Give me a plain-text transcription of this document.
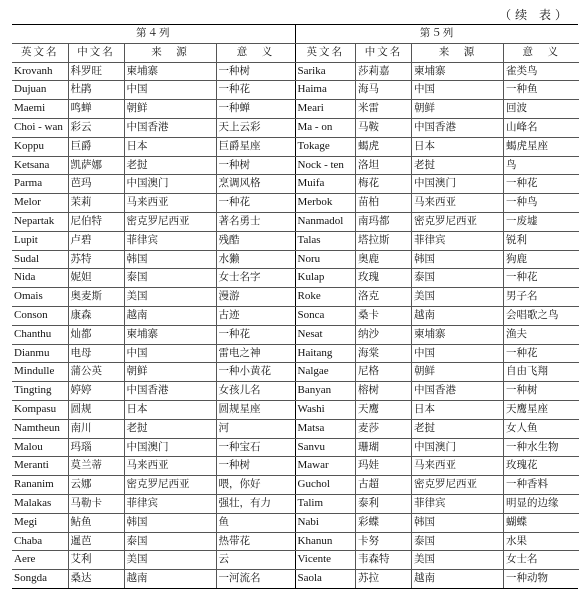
（续 表）
第４列			
英文名	中文名	来　源	意　义
Krovanh	科罗旺	柬埔寨	一种树
Dujuan	杜鹃	中国	一种花
Maemi	鸣蝉	朝鲜	一种蝉
Choi - wan	彩云	中国香港	天上云彩
Koppu	巨爵	日本	巨爵星座
Ketsana	凯萨娜	老挝	一种树
Parma	芭玛	中国澳门	烹调风格
Melor	茉莉	马来西亚	一种花
Nepartak	尼伯特	密克罗尼西亚	著名勇士
Lupit	卢碧	菲律宾	残酷
Sudal	苏特	韩国	水獭
Nida	妮妲	泰国	女士名字
Omais	奥麦斯	美国	漫游
Conson	康森	越南	古迹
Chanthu	灿都	柬埔寨	一种花
Dianmu	电母	中国	雷电之神
Mindulle	蒲公英	朝鲜	一种小黄花
Tingting	婷婷	中国香港	女孩儿名
Kompasu	圆规	日本	圆规星座
Namtheun	南川	老挝	河
Malou	玛瑙	中国澳门	一种宝石
Meranti	莫兰蒂	马来西亚	一种树
Rananim	云娜	密克罗尼西亚	喂，你好
Malakas	马勒卡	菲律宾	强壮，有力
Megi	鲇鱼	韩国	鱼
Chaba	暹芭	泰国	热带花
Aere	艾利	美国	云
Songda	桑达	越南	一河流名
第５列			
英文名	中文名	来　源	意　义
Sarika	莎莉嘉	柬埔寨	雀类鸟
Haima	海马	中国	一种鱼
Meari	米雷	朝鲜	回波
Ma - on	马鞍	中国香港	山峰名
Tokage	蝎虎	日本	蝎虎星座
Nock - ten	洛坦	老挝	鸟
Muifa	梅花	中国澳门	一种花
Merbok	苗柏	马来西亚	一种鸟
Nanmadol	南玛都	密克罗尼西亚	一废墟
Talas	塔拉斯	菲律宾	锐利
Noru	奥鹿	韩国	狗鹿
Kulap	玫瑰	泰国	一种花
Roke	洛克	美国	男子名
Sonca	桑卡	越南	会唱歌之鸟
Nesat	纳沙	柬埔寨	渔夫
Haitang	海棠	中国	一种花
Nalgae	尼格	朝鲜	自由飞翔
Banyan	榕树	中国香港	一种树
Washi	天鹰	日本	天鹰星座
Matsa	麦莎	老挝	女人鱼
Sanvu	珊瑚	中国澳门	一种水生物
Mawar	玛娃	马来西亚	玫瑰花
Guchol	古超	密克罗尼西亚	一种香料
Talim	泰利	菲律宾	明显的边缘
Nabi	彩蝶	韩国	蝴蝶
Khanun	卡努	泰国	水果
Vicente	韦森特	美国	女士名
Saola	苏拉	越南	一种动物
